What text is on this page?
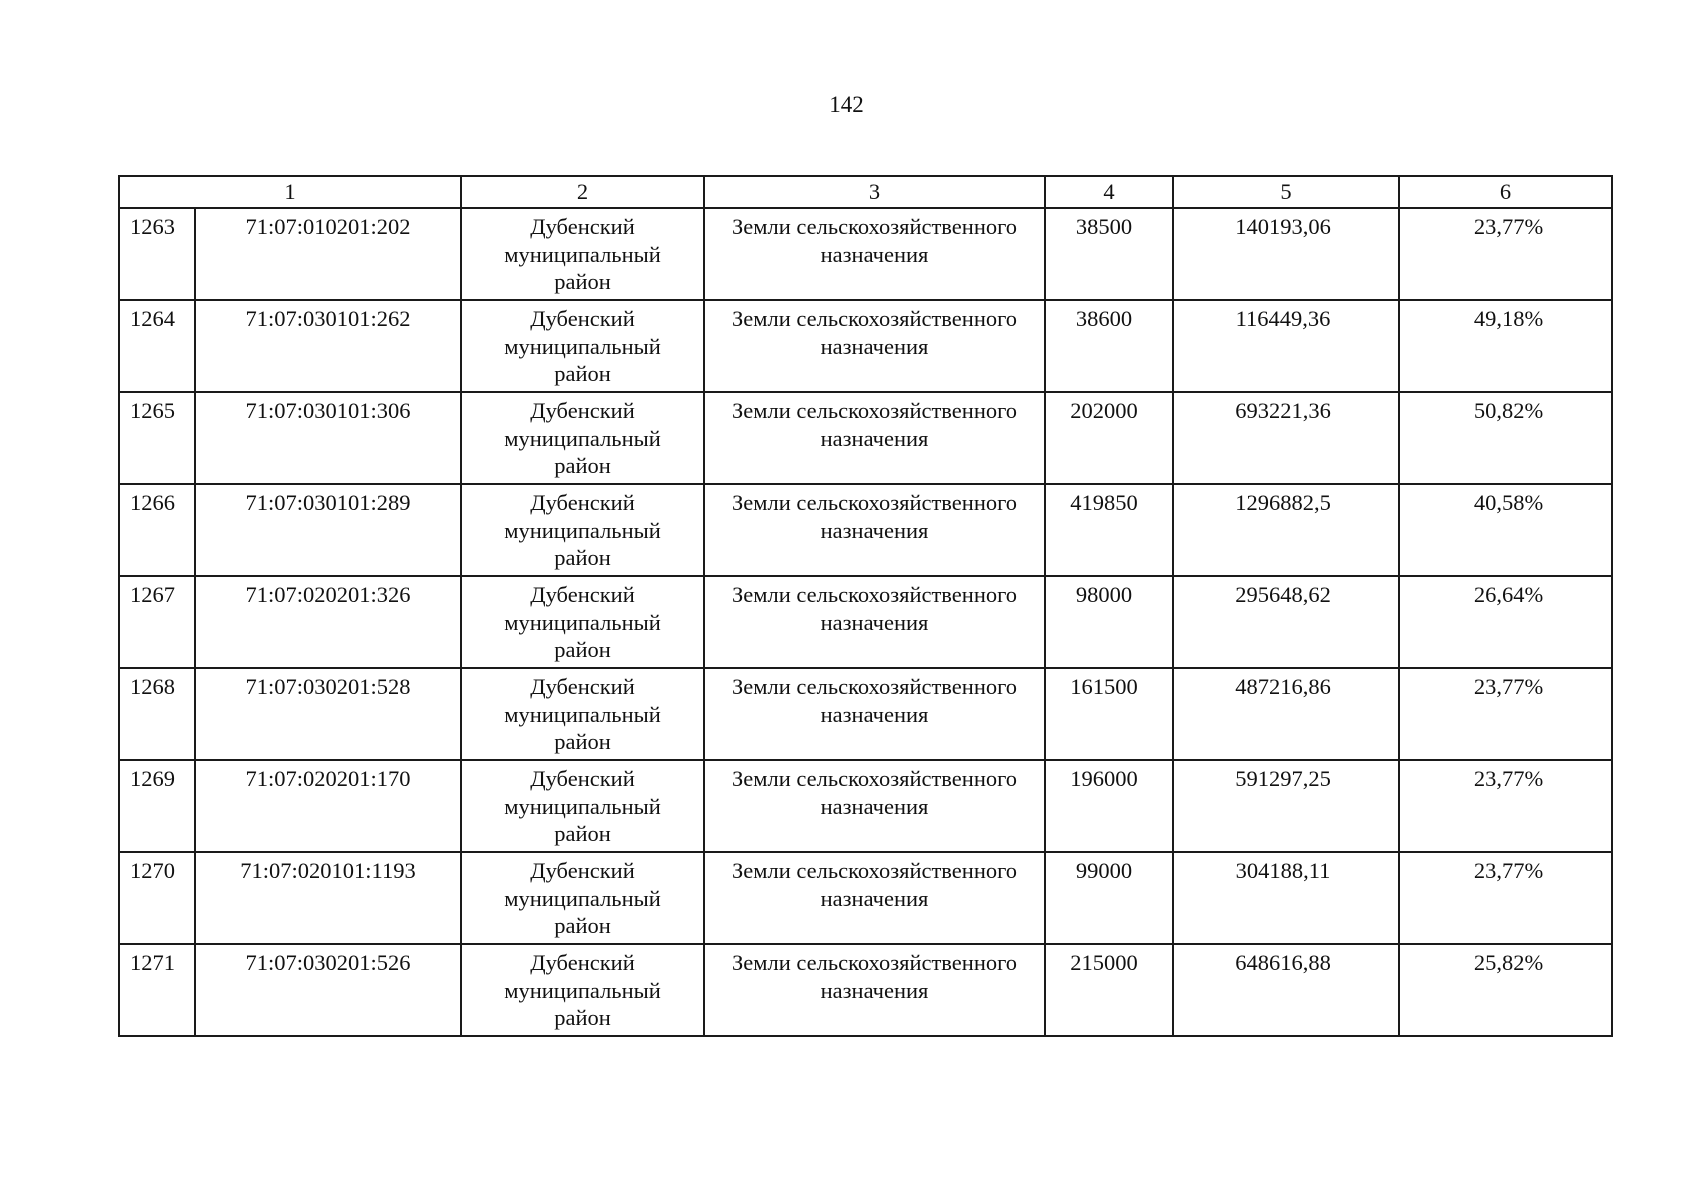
142
1		2	3	4	5	6
1263	71:07:010201:202	Дубенский
муниципальный
район	Земли сельскохозяйственного
назначения	38500	140193,06	23,77%
1264	71:07:030101:262	Дубенский
муниципальный
район	Земли сельскохозяйственного
назначения	38600	116449,36	49,18%
1265	71:07:030101:306	Дубенский
муниципальный
район	Земли сельскохозяйственного
назначения	202000	693221,36	50,82%
1266	71:07:030101:289	Дубенский
муниципальный
район	Земли сельскохозяйственного
назначения	419850	1296882,5	40,58%
1267	71:07:020201:326	Дубенский
муниципальный
район	Земли сельскохозяйственного
назначения	98000	295648,62	26,64%
1268	71:07:030201:528	Дубенский
муниципальный
район	Земли сельскохозяйственного
назначения	161500	487216,86	23,77%
1269	71:07:020201:170	Дубенский
муниципальный
район	Земли сельскохозяйственного
назначения	196000	591297,25	23,77%
1270	71:07:020101:1193	Дубенский
муниципальный
район	Земли сельскохозяйственного
назначения	99000	304188,11	23,77%
1271	71:07:030201:526	Дубенский
муниципальный
район	Земли сельскохозяйственного
назначения	215000	648616,88	25,82%
